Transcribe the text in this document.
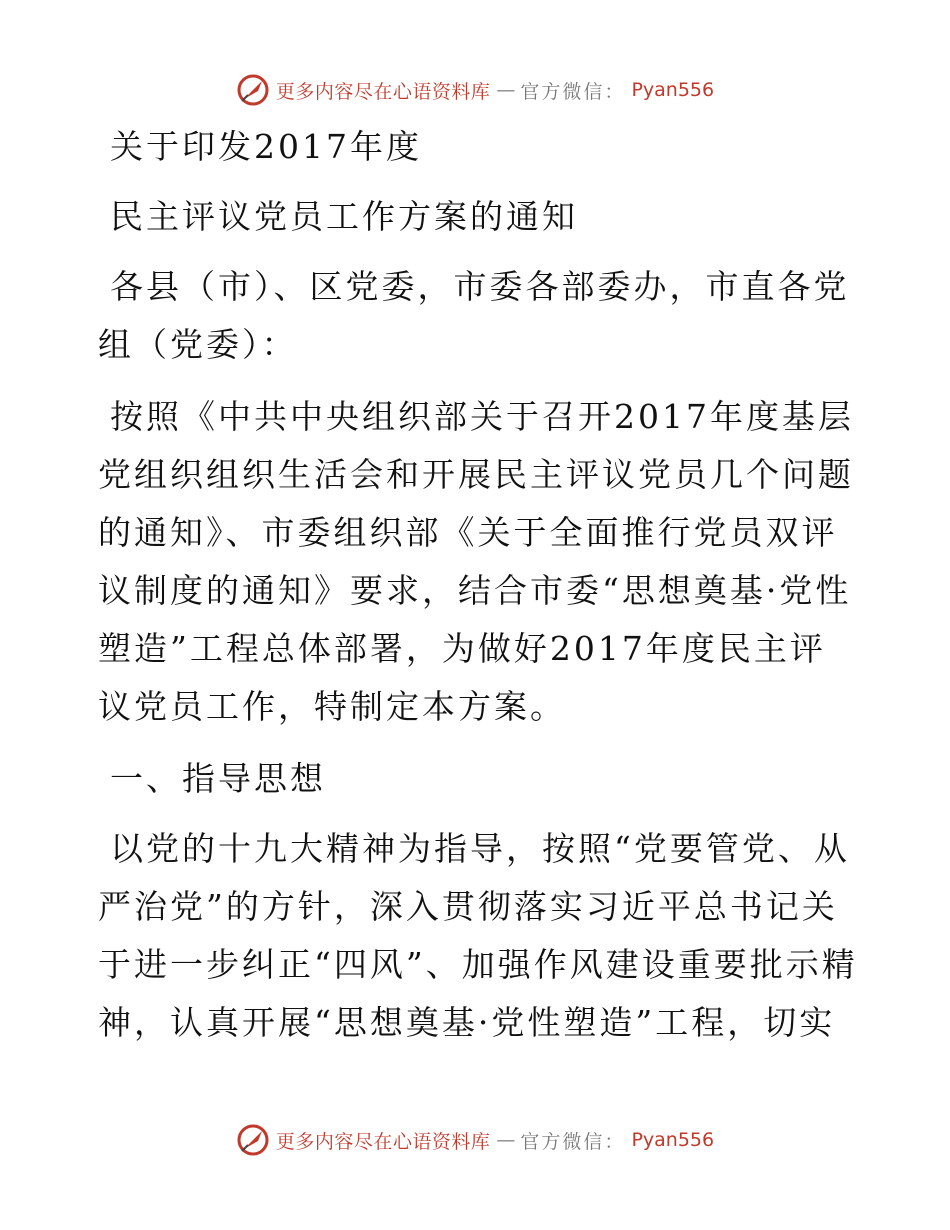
更多内容尽在心语资料库 — 官方微信： Pyan556

关于印发2017年度

民主评议党员工作方案的通知

各县（市）、区党委，市委各部委办，市直各党组（党委）：

按照《中共中央组织部关于召开2017年度基层党组织组织生活会和开展民主评议党员几个问题的通知》、市委组织部《关于全面推行党员双评议制度的通知》要求，结合市委“思想奠基·党性塑造”工程总体部署，为做好2017年度民主评议党员工作，特制定本方案。

一、指导思想

以党的十九大精神为指导，按照“党要管党、从严治党”的方针，深入贯彻落实习近平总书记关于进一步纠正“四风”、加强作风建设重要批示精神，认真开展“思想奠基·党性塑造”工程，切实

更多内容尽在心语资料库 — 官方微信： Pyan556
